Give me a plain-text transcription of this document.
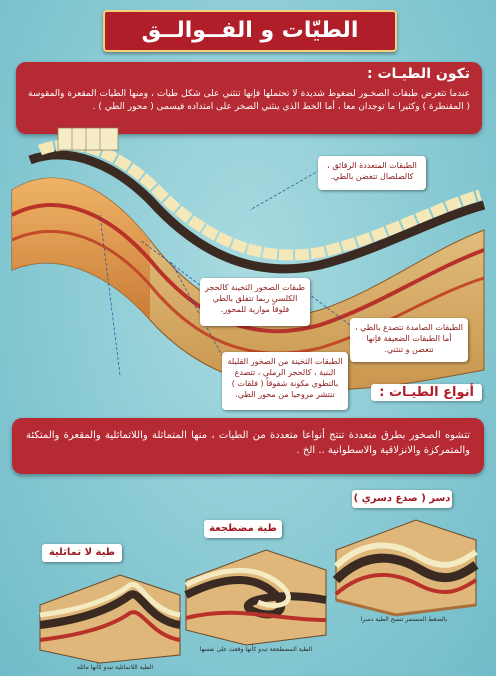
الطيّات و الفــوالــق
تكون الطيـات :
عندما تتعرض طبقات الصخـور لضغوط شديدة لا تحتملها فإنها تنثني على شكل طيات ، ومنها الطيات المقعرة والمقوسة ( المقنطرة ) وكثيرا ما توجدان معا ، أما الخط الذي ينثني الصخر على امتداده فيسمى ( محور الطي ) .
الطبقات المتعددة الرقائق ، كالصلصال تتغضن بالطي.
طبقات الصخور الثخينة كالحجر الكلسي ربما تتفلق بالطي فلوقاً موازية للمحور.
الطبقات الصامدة تتصدع بالطي ، أما الطبقات الضعيفة فإنها تتغضن و تنثني.
الطبقات الثخينة من الصخور القليلة البنية ، كالحجر الرملي ، تتصدع بالتطوي مكونة شقوقاً ( فلقات ) تنتشر مروحيا من محور الطي.	أنواع الطيـات :
تتشوه الصخور بطرق متعددة تنتج أنواعا متعددة من الطيات ، منها المتماثلة واللاتماثلية والمقعرة والمتكئة والمتمركزة والانزلاقية والاسطوانية .. الخ .
دسر ( صدع دسري )
بالضغط المستمر تنسح الطية دسرا
طية مضطجعة
الطية المضطجعة تبدو كأنها وقعت على نفسها
طية لا تماثلية
الطية اللاتماثلية تبدو كأنها مائلة
